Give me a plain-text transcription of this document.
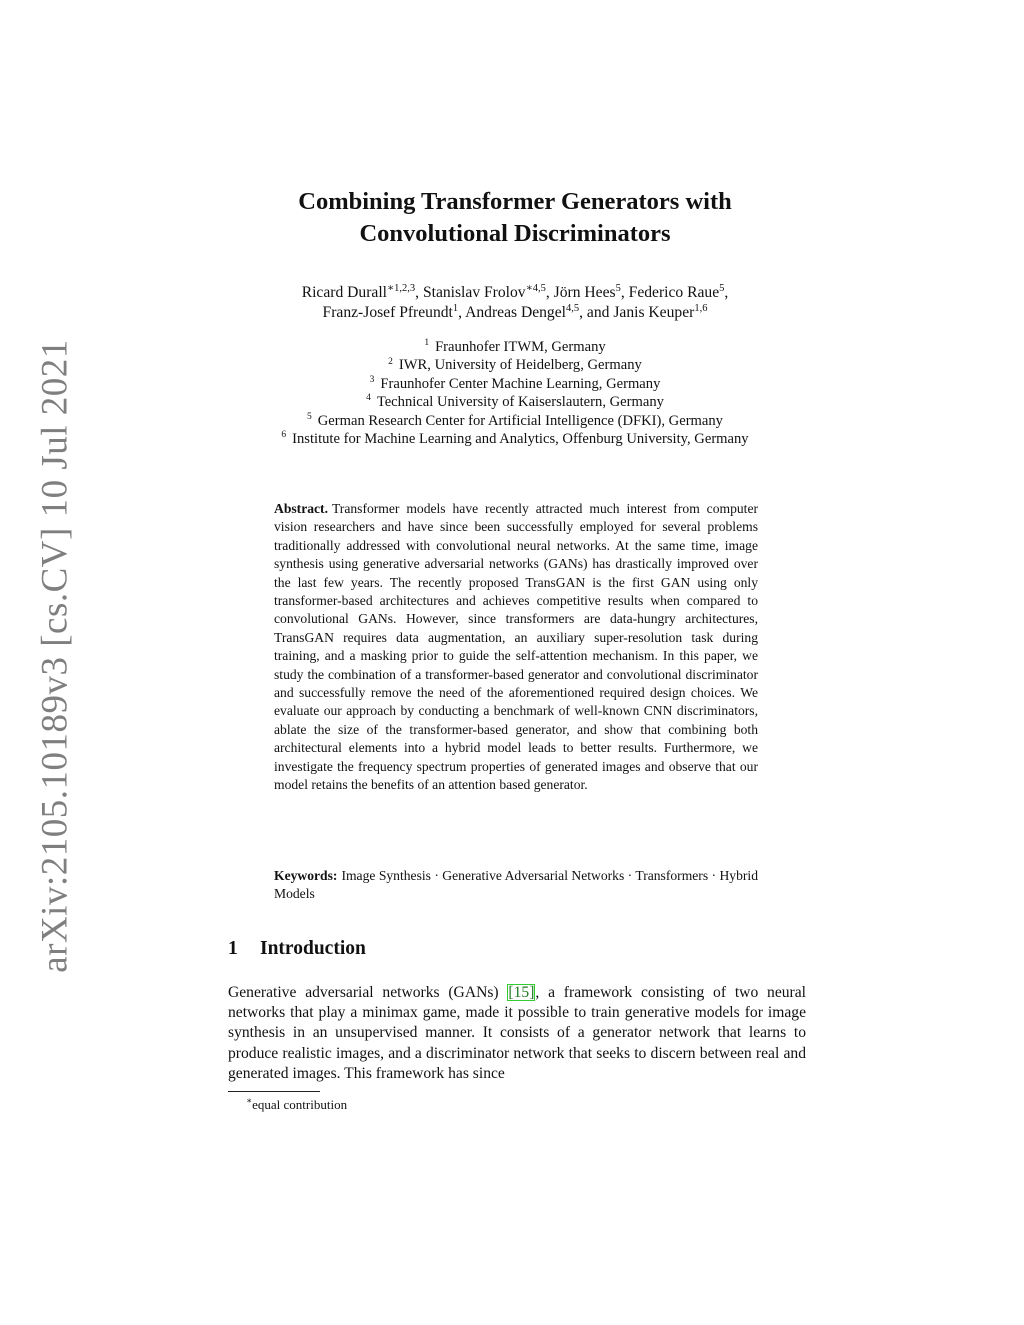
arXiv:2105.10189v3 [cs.CV] 10 Jul 2021
Combining Transformer Generators with
Convolutional Discriminators
Ricard Durall$^{∗1,2,3}$, Stanislav Frolov$^{∗4,5}$, Jörn Hees$^5$, Federico Raue$^5$,
Franz-Josef Pfreundt$^1$, Andreas Dengel$^{4,5}$, and Janis Keuper$^{1,6}$
$^1$ Fraunhofer ITWM, Germany
$^2$ IWR, University of Heidelberg, Germany
$^3$ Fraunhofer Center Machine Learning, Germany
$^4$ Technical University of Kaiserslautern, Germany
$^5$ German Research Center for Artificial Intelligence (DFKI), Germany
$^6$ Institute for Machine Learning and Analytics, Offenburg University, Germany
Abstract. Transformer models have recently attracted much interest from computer vision researchers and have since been successfully employed for several problems traditionally addressed with convolutional neural networks. At the same time, image synthesis using generative adversarial networks (GANs) has drastically improved over the last few years. The recently proposed TransGAN is the first GAN using only transformer-based architectures and achieves competitive results when compared to convolutional GANs. However, since transformers are data-hungry architectures, TransGAN requires data augmentation, an auxiliary super-resolution task during training, and a masking prior to guide the self-attention mechanism. In this paper, we study the combination of a transformer-based generator and convolutional discriminator and successfully remove the need of the aforementioned required design choices. We evaluate our approach by conducting a benchmark of well-known CNN discriminators, ablate the size of the transformer-based generator, and show that combining both architectural elements into a hybrid model leads to better results. Furthermore, we investigate the frequency spectrum properties of generated images and observe that our model retains the benefits of an attention based generator.
Keywords: Image Synthesis · Generative Adversarial Networks · Transformers · Hybrid Models
1 Introduction
Generative adversarial networks (GANs) [15], a framework consisting of two neural networks that play a minimax game, made it possible to train generative models for image synthesis in an unsupervised manner. It consists of a generator network that learns to produce realistic images, and a discriminator network that seeks to discern between real and generated images. This framework has since
∗equal contribution
